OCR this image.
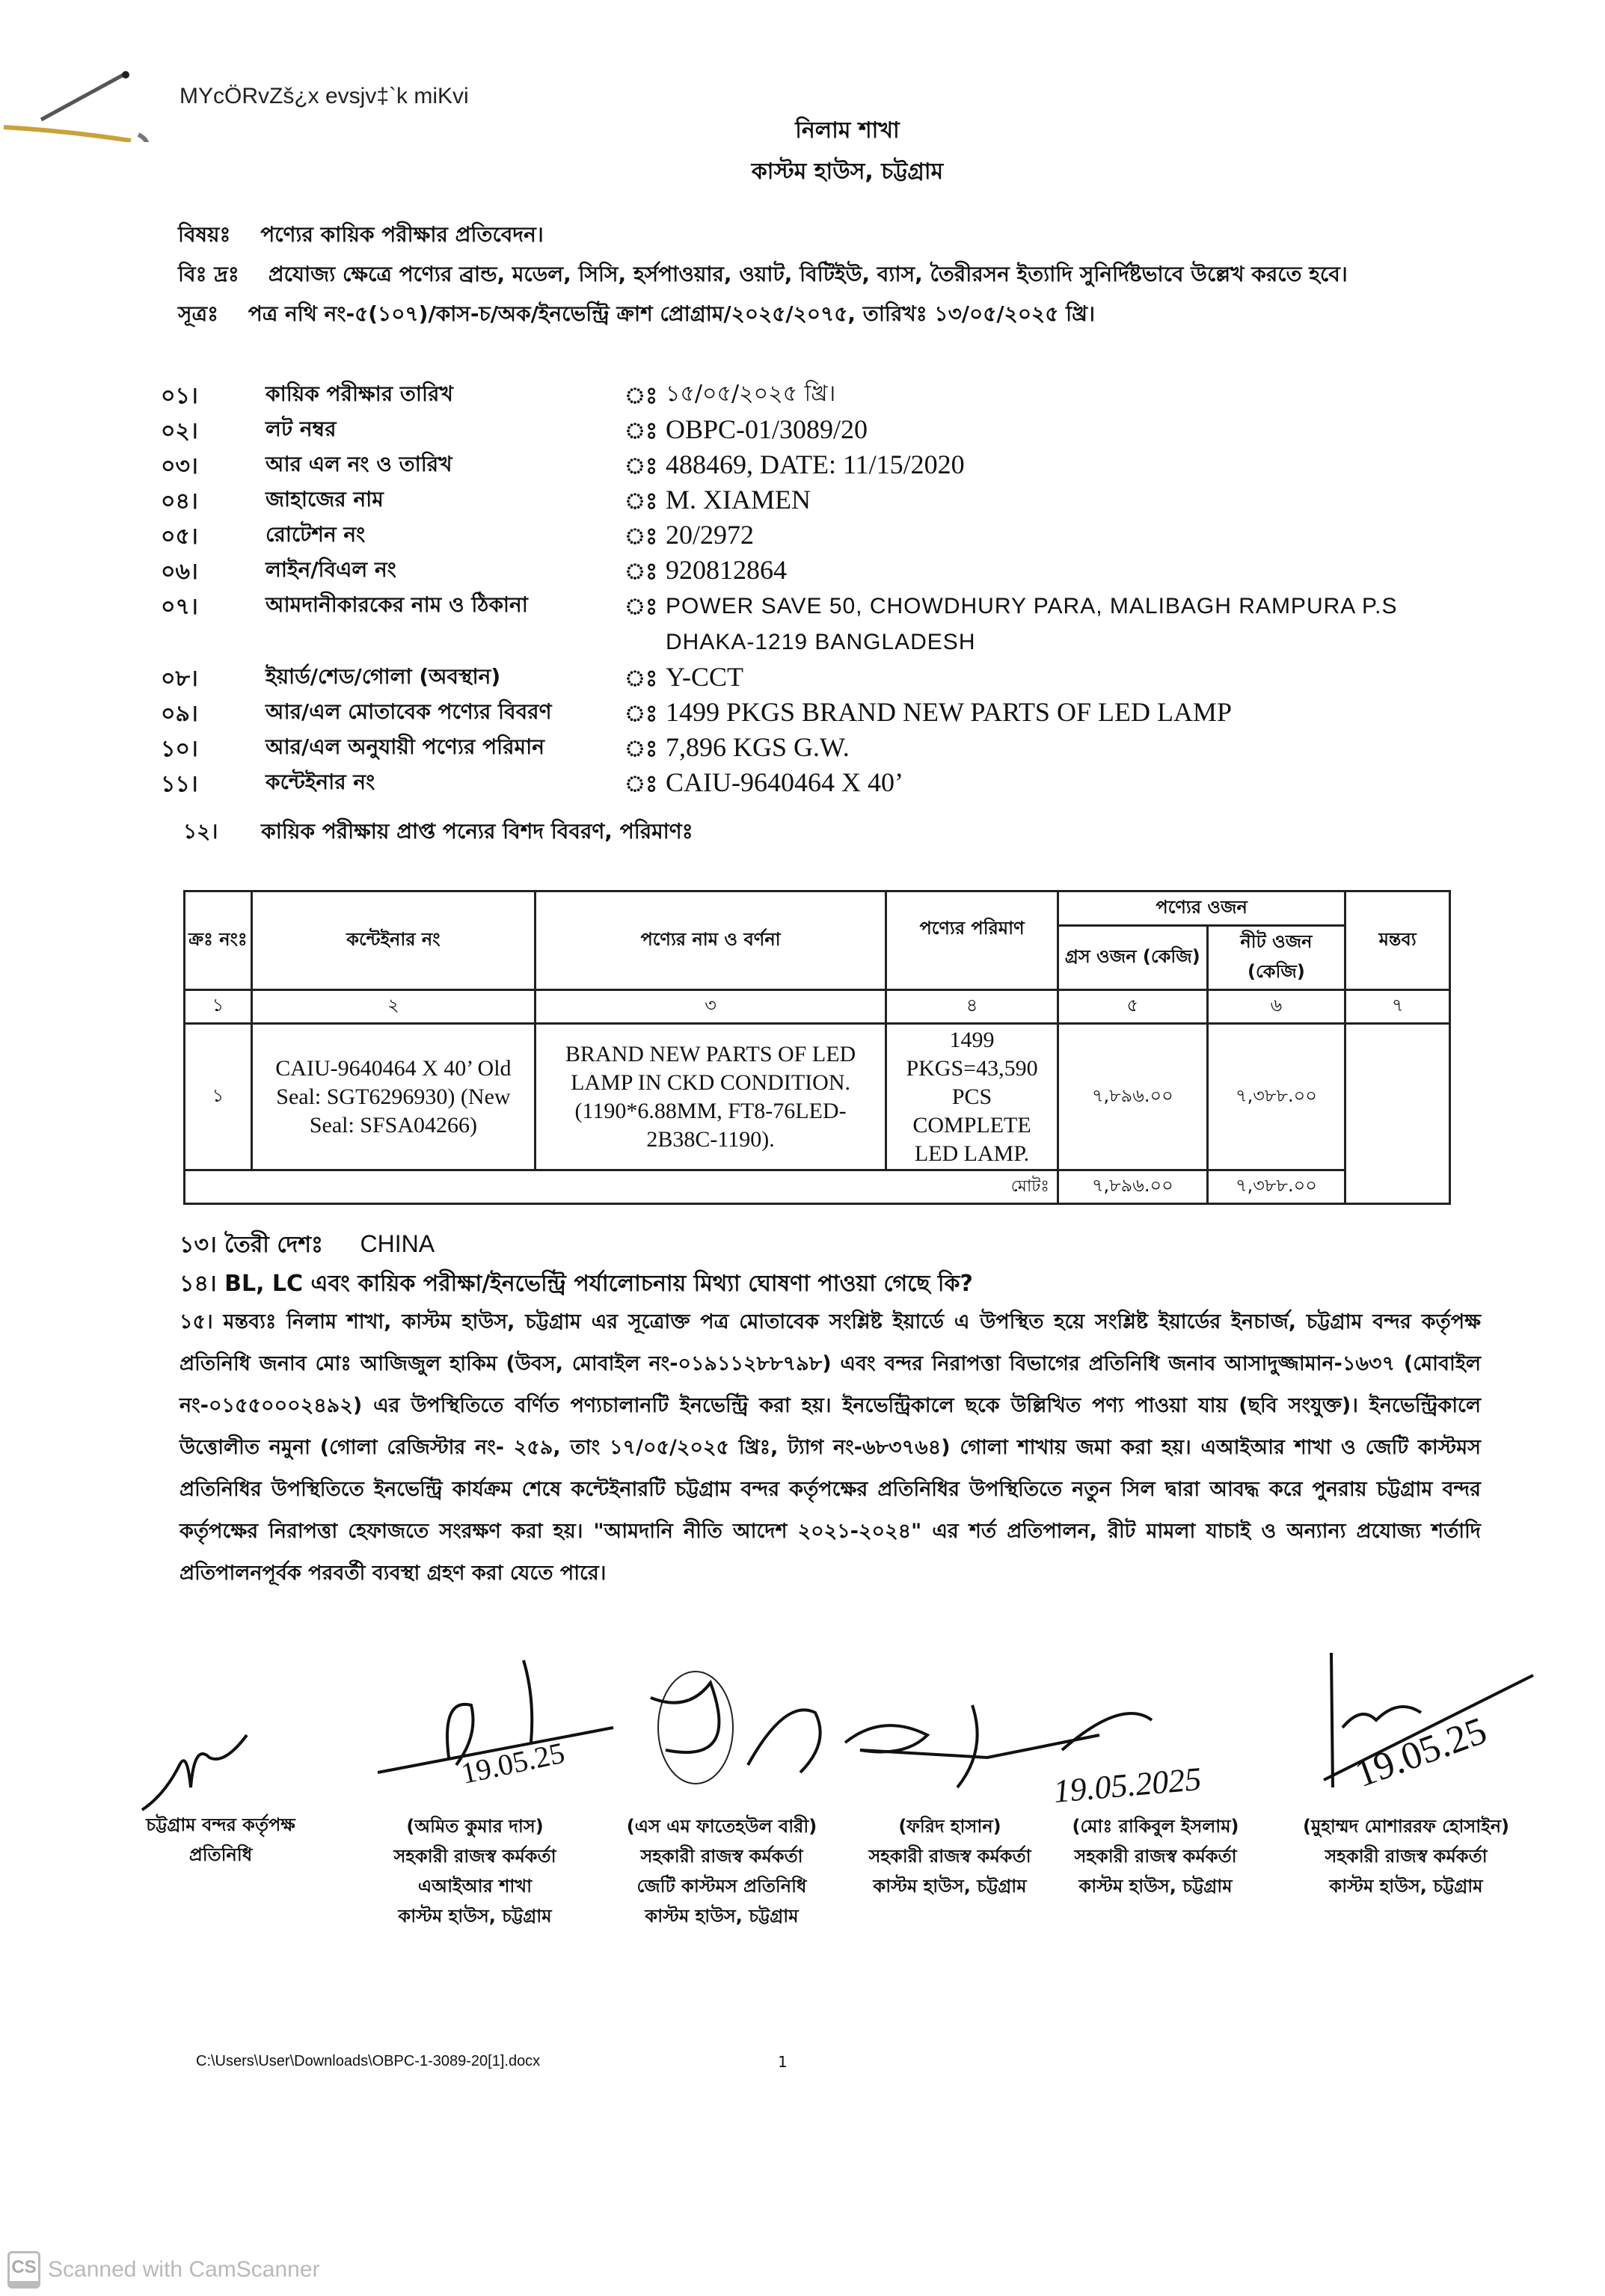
MYcÖRvZš¿x evsjv‡`k miKvi
নিলাম শাখা
কাস্টম হাউস, চট্টগ্রাম
বিষয়ঃ পণ্যের কায়িক পরীক্ষার প্রতিবেদন।
বিঃ দ্রঃ প্রযোজ্য ক্ষেত্রে পণ্যের ব্রান্ড, মডেল, সিসি, হর্সপাওয়ার, ওয়াট, বিটিইউ, ব্যাস, তৈরীরসন ইত্যাদি সুনির্দিষ্টভাবে উল্লেখ করতে হবে।
সূত্রঃ পত্র নথি নং-৫(১০৭)/কাস-চ/অক/ইনভেন্ট্রি ক্রাশ প্রোগ্রাম/২০২৫/২০৭৫, তারিখঃ ১৩/০৫/২০২৫ খ্রি।
০১।	কায়িক পরীক্ষার তারিখ	ঃ ১৫/০৫/২০২৫ খ্রি।
০২।	লট নম্বর	ঃ OBPC-01/3089/20
০৩।	আর এল নং ও তারিখ	ঃ 488469, DATE: 11/15/2020
০৪।	জাহাজের নাম	ঃ M. XIAMEN
০৫।	রোটেশন নং	ঃ 20/2972
০৬।	লাইন/বিএল নং	ঃ 920812864
০৭।	আমদানীকারকের নাম ও ঠিকানা	ঃ POWER SAVE 50, CHOWDHURY PARA, MALIBAGH RAMPURA P.S DHAKA-1219 BANGLADESH
০৮।	ইয়ার্ড/শেড/গোলা (অবস্থান)	ঃ Y-CCT
০৯।	আর/এল মোতাবেক পণ্যের বিবরণ	ঃ 1499 PKGS BRAND NEW PARTS OF LED LAMP
১০।	আর/এল অনুযায়ী পণ্যের পরিমান	ঃ 7,896 KGS G.W.
১১।	কন্টেইনার নং	ঃ CAIU-9640464 X 40’
১২। কায়িক পরীক্ষায় প্রাপ্ত পন্যের বিশদ বিবরণ, পরিমাণঃ
ক্রঃ নংঃ	কন্টেইনার নং	পণ্যের নাম ও বর্ণনা	পণ্যের পরিমাণ	পণ্যের ওজন		মন্তব্য
				গ্রস ওজন (কেজি)	নীট ওজন (কেজি)	
১	২	৩	৪	৫	৬	৭
১	CAIU-9640464 X 40’ Old Seal: SGT6296930) (New Seal: SFSA04266)	BRAND NEW PARTS OF LED LAMP IN CKD CONDITION. (1190*6.88MM, FT8-76LED-2B38C-1190).	1499 PKGS=43,590 PCS COMPLETE LED LAMP.	৭,৮৯৬.০০	৭,৩৮৮.০০	
মোটঃ				৭,৮৯৬.০০	৭,৩৮৮.০০	
১৩। তৈরী দেশঃ CHINA
১৪। BL, LC এবং কায়িক পরীক্ষা/ইনভেন্ট্রি পর্যালোচনায় মিথ্যা ঘোষণা পাওয়া গেছে কি?
১৫। মন্তব্যঃ নিলাম শাখা, কাস্টম হাউস, চট্টগ্রাম এর সূত্রোক্ত পত্র মোতাবেক সংশ্লিষ্ট ইয়ার্ডে এ উপস্থিত হয়ে সংশ্লিষ্ট ইয়ার্ডের ইনচার্জ, চট্টগ্রাম বন্দর কর্তৃপক্ষ প্রতিনিধি জনাব মোঃ আজিজুল হাকিম (উবস, মোবাইল নং-০১৯১১২৮৮৭৯৮) এবং বন্দর নিরাপত্তা বিভাগের প্রতিনিধি জনাব আসাদুজ্জামান-১৬৩৭ (মোবাইল নং-০১৫৫০০০২৪৯২) এর উপস্থিতিতে বর্ণিত পণ্যচালানটি ইনভেন্ট্রি করা হয়। ইনভেন্ট্রিকালে ছকে উল্লিখিত পণ্য পাওয়া যায় (ছবি সংযুক্ত)। ইনভেন্ট্রিকালে উত্তোলীত নমুনা (গোলা রেজিস্টার নং- ২৫৯, তাং ১৭/০৫/২০২৫ খ্রিঃ, ট্যাগ নং-৬৮৩৭৬৪) গোলা শাখায় জমা করা হয়। এআইআর শাখা ও জেটি কাস্টমস প্রতিনিধির উপস্থিতিতে ইনভেন্ট্রি কার্যক্রম শেষে কন্টেইনারটি চট্টগ্রাম বন্দর কর্তৃপক্ষের প্রতিনিধির উপস্থিতিতে নতুন সিল দ্বারা আবদ্ধ করে পুনরায় চট্টগ্রাম বন্দর কর্তৃপক্ষের নিরাপত্তা হেফাজতে সংরক্ষণ করা হয়। "আমদানি নীতি আদেশ ২০২১-২০২৪" এর শর্ত প্রতিপালন, রীট মামলা যাচাই ও অন্যান্য প্রযোজ্য শর্তাদি প্রতিপালনপূর্বক পরবর্তী ব্যবস্থা গ্রহণ করা যেতে পারে।
19.05.25	19.05.2025	19.05.25
চট্টগ্রাম বন্দর কর্তৃপক্ষ
প্রতিনিধি
(অমিত কুমার দাস)
সহকারী রাজস্ব কর্মকর্তা
এআইআর শাখা
কাস্টম হাউস, চট্টগ্রাম
(এস এম ফাতেহউল বারী)
সহকারী রাজস্ব কর্মকর্তা
জেটি কাস্টমস প্রতিনিধি
কাস্টম হাউস, চট্টগ্রাম
(ফরিদ হাসান)
সহকারী রাজস্ব কর্মকর্তা
কাস্টম হাউস, চট্টগ্রাম
(মোঃ রাকিবুল ইসলাম)
সহকারী রাজস্ব কর্মকর্তা
কাস্টম হাউস, চট্টগ্রাম
(মুহাম্মদ মোশাররফ হোসাইন)
সহকারী রাজস্ব কর্মকর্তা
কাস্টম হাউস, চট্টগ্রাম
C:\Users\User\Downloads\OBPC-1-3089-20[1].docx	1
CS Scanned with CamScanner
